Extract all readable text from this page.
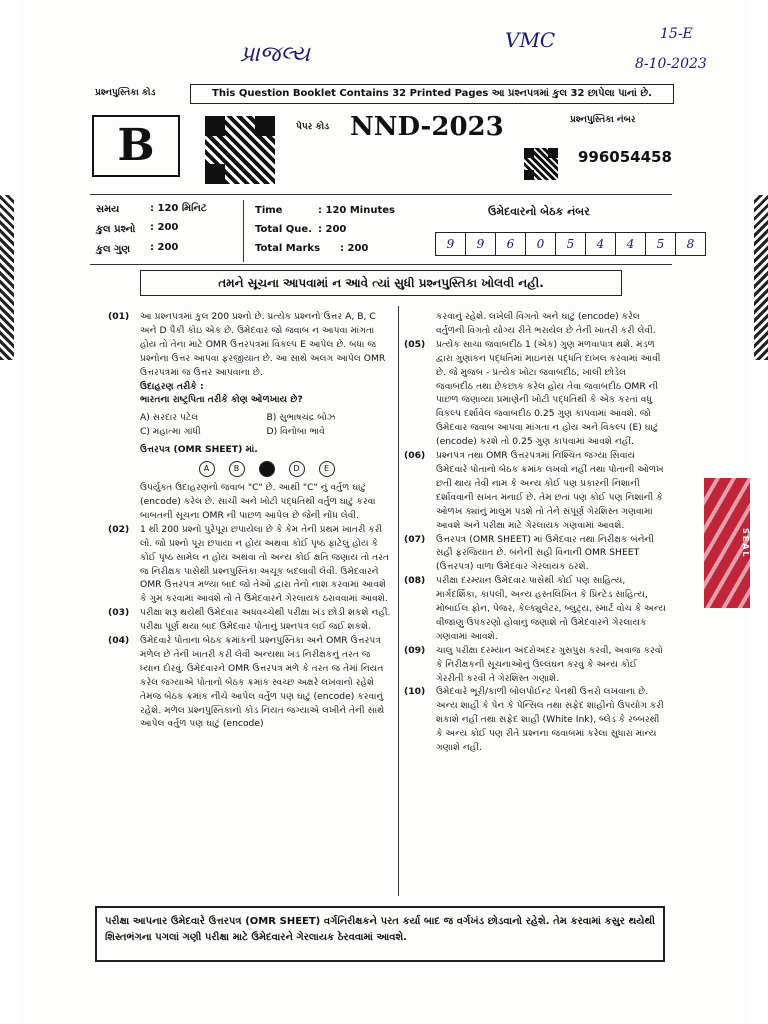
પ્રાજલ્ય
VMC	15-E
8-10-2023
પ્રશ્નપુસ્તિકા કોડ	This Question Booklet Contains 32 Printed Pages આ પ્રશ્નપત્રમાં કુલ 32 છાપેલા પાનાં છે.
B	પેપર કોડ NND-2023	પ્રશ્નપુસ્તિકા નંબર
996054458
સમય	: 120 મિનિટ
કુલ પ્રશ્નો : 200
કુલ ગુણ : 200
Time	: 120 Minutes
Total Que. : 200
Total Marks : 200
ઉમેદવારનો બેઠક નંબર
9	9	6	0	5	4	4	5	8
તમને સૂચના આપવામાં ન આવે ત્યાં સુધી પ્રશ્નપુસ્તિકા ખોલવી નહી.
(01)	આ પ્રશ્નપત્રમાં કુલ 200 પ્રશ્નો છે. પ્રત્યેક પ્રશ્નનો ઉત્તર A, B, C અને D પૈકી કોઇ એક છે. ઉમેદવાર જો જવાબ ન આપવા માંગતા હોય તો તેના માટે OMR ઉત્તરપત્રમાં વિકલ્પ E આપેલ છે. બધા જ પ્રશ્નોના ઉત્તર આપવા ફરજીયાત છે. આ સાથે અલગ આપેલ OMR ઉત્તરપત્રમાં જ ઉત્તર આપવાના છે.

ઉદાહરણ તરીકે :

ભારતના રાષ્ટ્રપિતા તરીકે કોણ ઓળખાય છે?

A) સરદાર પટેલ	B) સુભાષચંદ્ર બોઝ
C) મહાત્મા ગાંધી	D) વિનોબા ભાવે

ઉત્તરપત્ર (OMR SHEET) માં.

A	B	C	D	E

ઉપર્યુક્ત ઉદાહરણનો જવાબ "C" છે. આથી "C" નું વર્તુળ ઘાટું (encode) કરેલ છે. સાચી અને ખોટી પદ્ધતિથી વર્તુળ ઘાટું કરવા બાબતની સૂચના OMR ની પાછળ આપેલ છે જેની નોંધ લેવી.

(02)	1 થી 200 પ્રશ્નો પુરેપૂરા છપાયેલા છે કે કેમ તેની પ્રથમ ખાતરી કરી લો. જો પ્રશ્નો પૂરા છપાયા ન હોય અથવા કોઈ પૃષ્ઠ ફાટેલું હોય કે કોઈ પૃષ્ઠ સામેલ ન હોય અથવા તો અન્ય કોઈ ક્ષતિ જણાય તો તરત જ નિરીક્ષક પાસેથી પ્રશ્નપુસ્તિકા અચૂક બદલાવી લેવી. ઉમેદવારને OMR ઉત્તરપત્ર મળ્યા બાદ જો તેઓ દ્વારા તેનો નાશ કરવામાં આવશે કે ગુમ કરવામાં આવશે તો તે ઉમેદવારને ગેરલાયક ઠરાવવામાં આવશે.

(03)	પરીક્ષા શરૂ થયેથી ઉમેદવાર અધવચ્ચેથી પરીક્ષા ખંડ છોડી શકશે નહીં. પરીક્ષા પૂર્ણ થયા બાદ ઉમેદવાર પોતાનું પ્રશ્નપત્ર લઈ જઈ શકશે.

(04)	ઉમેદવારે પોતાના બેઠક ક્રમાંકની પ્રશ્નપુસ્તિકા અને OMR ઉત્તરપત્ર મળેલ છે તેની ખાતરી કરી લેવી અન્યથા ખંડ નિરીક્ષકનું તરત જ ધ્યાન દોરવું. ઉમેદવારને OMR ઉત્તરપત્ર મળે કે તરત જ તેમાં નિયત કરેલ જગ્યાએ પોતાનો બેઠક ક્રમાંક સ્વચ્છ અક્ષરે લખવાનો રહેશે તેમજ બેઠક ક્રમાંક નીચે આપેલ વર્તુળ પણ ઘાટું (encode) કરવાનું રહેશે. મળેલ પ્રશ્નપુસ્તિકાનો કોડ નિયત જગ્યાએ લખીને તેની સાથે આપેલ વર્તુળ પણ ઘાટું (encode)

કરવાનું રહેશે. લખેલી વિગતો અને ઘાટું (encode) કરેલ વર્તુળની વિગતો યોગ્ય રીતે ભરાયેલ છે તેની ખાતરી કરી લેવી.

(05)	પ્રત્યેક સાચા જવાબદીઠ 1 (એક) ગુણ મળવાપાત્ર થશે. મંડળ દ્વારા ગુણાંકન પદ્ધતિમાં માઇનસ પદ્ધતિ દાખલ કરવામાં આવી છે. જે મુજબ - પ્રત્યેક ખોટા જવાબદીઠ, ખાલી છોડેલ જવાબદીઠ તથા છેકછાક કરેલ હોય તેવા જવાબદીઠ OMR ની પાછળ જણાવ્યા પ્રમાણેની ખોટી પદ્ધતિથી કે એક કરતાં વધુ વિકલ્પ દર્શાવેલ જવાબદીઠ 0.25 ગુણ કાપવામાં આવશે. જો ઉમેદવાર જવાબ આપવા માંગતા ન હોય અને વિકલ્પ (E) ઘાટું (encode) કરશે તો 0.25 ગુણ કાપવામાં આવશે નહીં.

(06)	પ્રશ્નપત્ર તથા OMR ઉત્તરપત્રમાં નિશ્ચિત જગ્યા સિવાય ઉમેદવારે પોતાનો બેઠક ક્રમાંક લખવો નહીં તથા પોતાની ઓળખ છતી થાય તેવી નામ કે અન્ય કોઈ પણ પ્રકારની નિશાની દર્શાવવાની સખત મનાઈ છે. તેમ છતાં પણ કોઈ પણ નિશાની કે ઓળખ ક્યાંનું માલુમ પડશે તો તેને સંપૂર્ણ ગેરશિસ્ત ગણવામાં આવશે અને પરીક્ષા માટે ગેરલાયક ગણવામાં આવશે.

(07)	ઉત્તરપત્ર (OMR SHEET) માં ઉમેદવાર તથા નિરીક્ષક બંનેની સહી ફરજિયાત છે. બંનેની સહી વિનાની OMR SHEET (ઉત્તરપત્ર) વાળા ઉમેદવાર ગેરલાયક ઠરશે.

(08)	પરીક્ષા દરમ્યાન ઉમેદવાર પાસેથી કોઈ પણ સાહિત્ય, માર્ગદર્શિકા, કાપલી, અન્ય હસ્તલિખિત કે પ્રિન્ટેડ સાહિત્ય, મોબાઈલ ફોન, પેજર, કેલ્ક્યુલેટર, બ્લુટ્ય, સ્માર્ટ વોચ કે અન્ય વીજાણુ ઉપકરણો હોવાનું જણાશે તો ઉમેદવારને ગેરલાયક ગણવામાં આવશે.

(09)	ચાલુ પરીક્ષા દરમ્યાન અંદરોઅંદર ગુસપુસ કરવી, અવાજ કરવો કે નિરીક્ષકની સૂચનાઓનું ઉલ્લંઘન કરવું કે અન્ય કોઈ ગેરરીતી કરવી તે ગેરશિસ્ત ગણાશે.

(10)	ઉમેદવારે ભૂરી/કાળી બોલપોઈન્ટ પેનથી ઉત્તરો લખવાના છે. અન્ય શાહી કે પેન કે પેન્સિલ તથા સફેદ શાહીનો ઉપયોગ કરી શકાશે નહીં તથા સફેદ શાહી (White Ink), બ્લેડ કે રબ્બરથી કે અન્ય કોઈ પણ રીતે પ્રશ્નના જવાબમાં કરેલા સુધારા માન્ય ગણાશે નહીં.

SEAL
પરીક્ષા આપનાર ઉમેદવારે ઉત્તરપત્ર (OMR SHEET) વર્ગનિરીક્ષકને પરત કર્યા બાદ જ વર્ગખંડ છોડવાનો રહેશે. તેમ કરવામાં કસુર થયેથી શિસ્તભંગના પગલાં ગણી પરીક્ષા માટે ઉમેદવારને ગેરલાયક ઠેરવવામાં આવશે.
